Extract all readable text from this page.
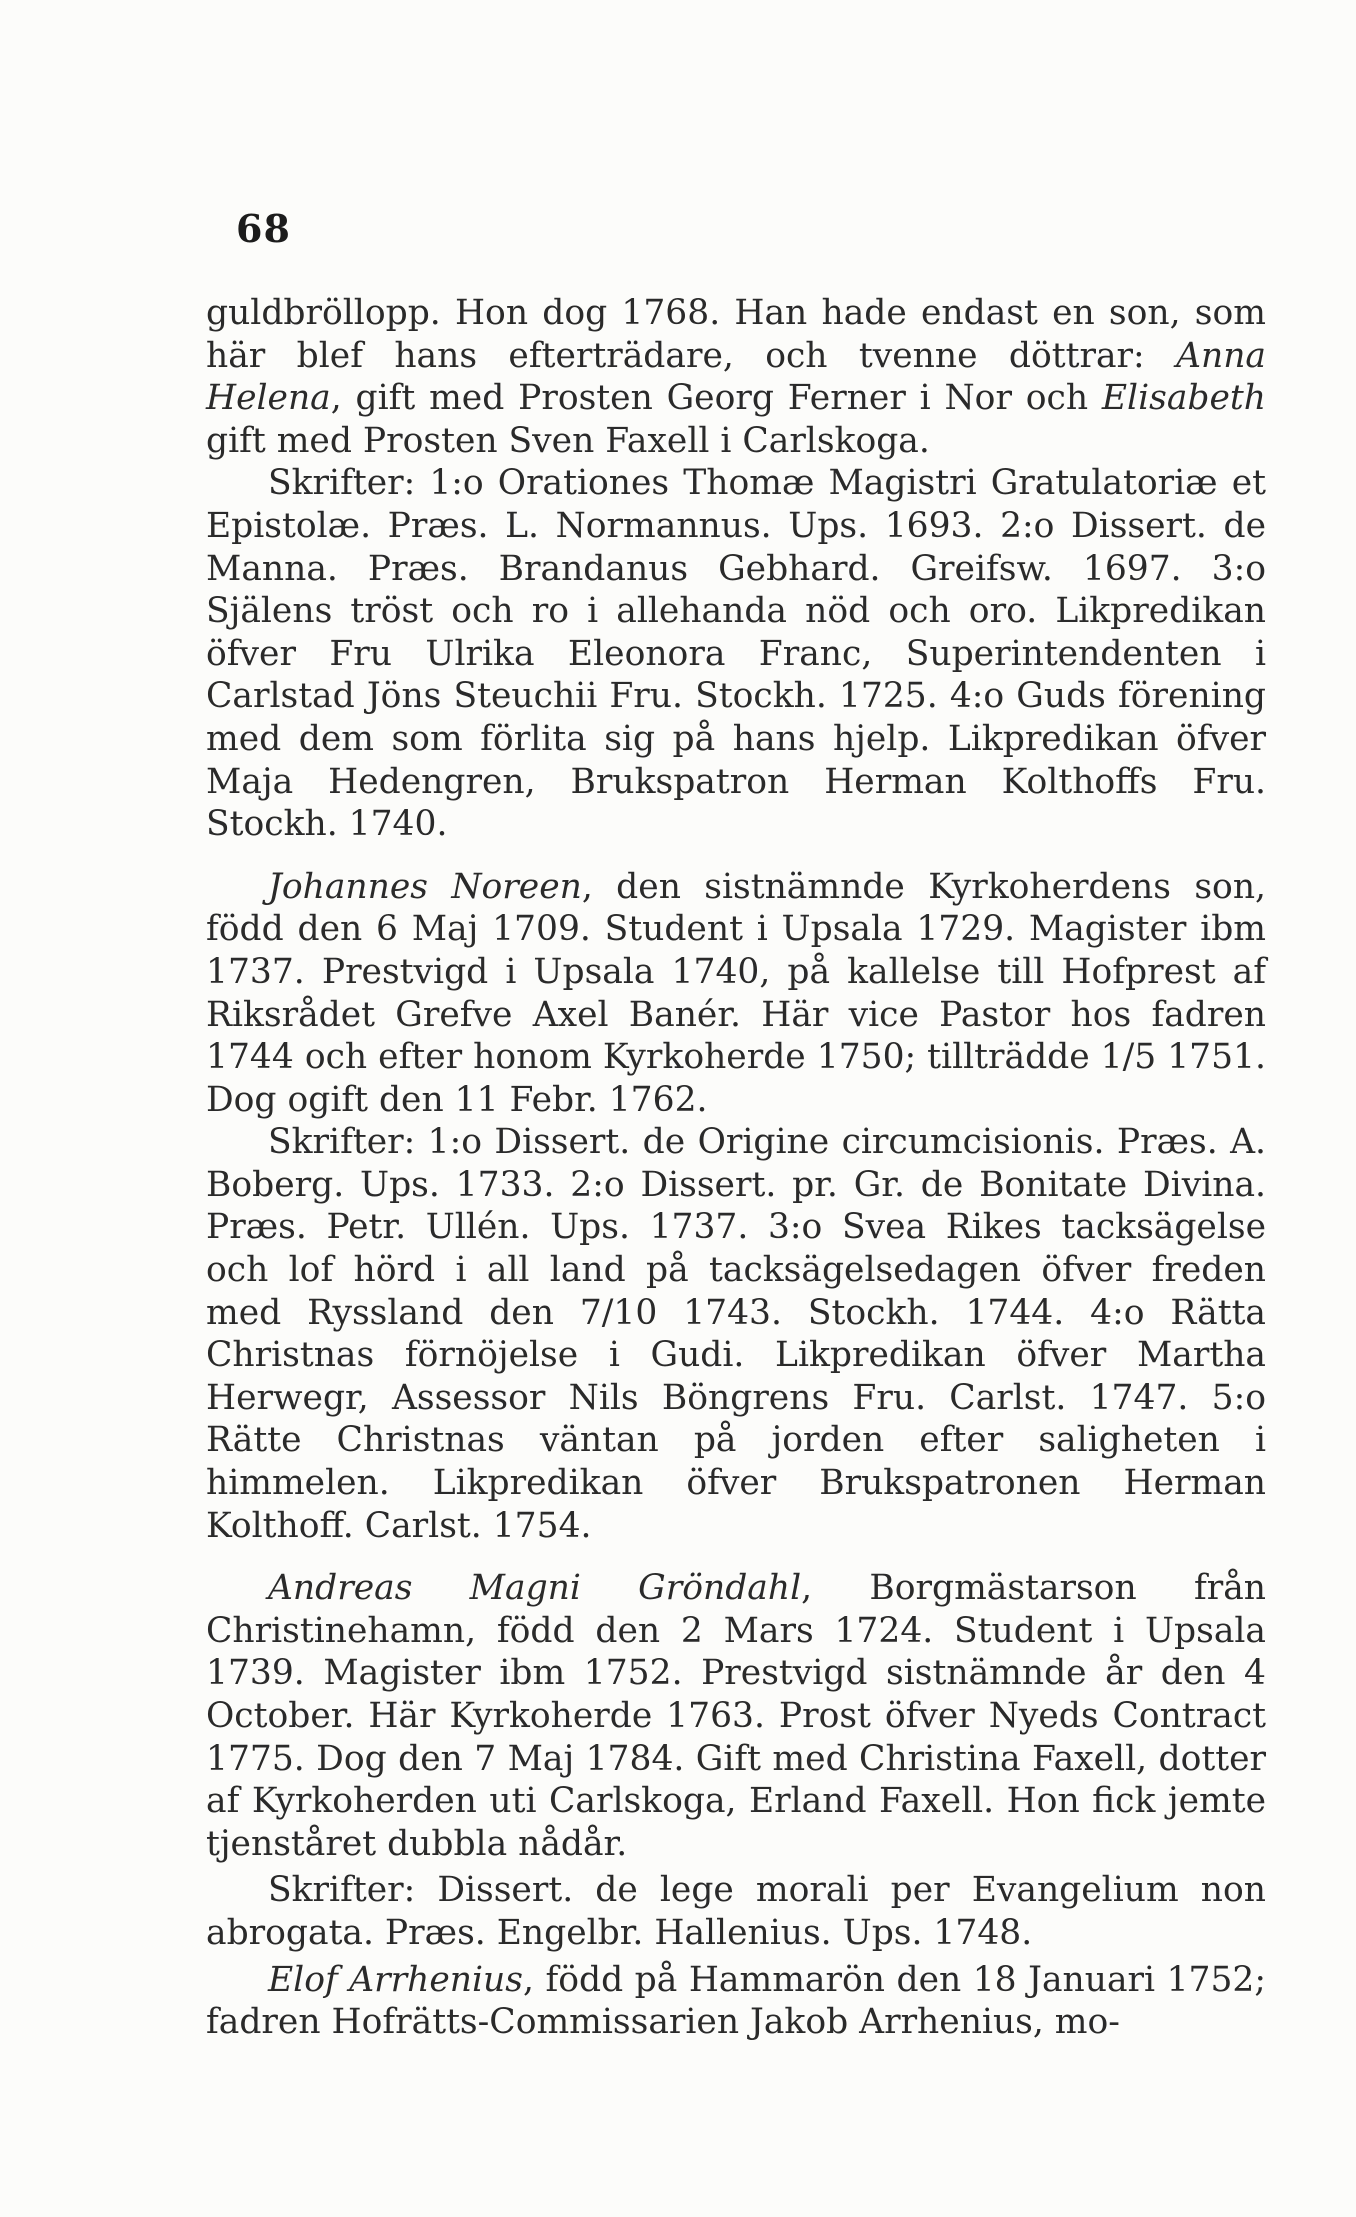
68

guldbröllopp. Hon dog 1768. Han hade endast en son, som här blef hans efterträdare, och tvenne döttrar: Anna Helena, gift med Prosten Georg Ferner i Nor och Elisabeth gift med Prosten Sven Faxell i Carlskoga.

Skrifter: 1:o Orationes Thomæ Magistri Gratulatoriæ et Epistolæ. Præs. L. Normannus. Ups. 1693. 2:o Dissert. de Manna. Præs. Brandanus Gebhard. Greifsw. 1697. 3:o Själens tröst och ro i allehanda nöd och oro. Likpredikan öfver Fru Ulrika Eleonora Franc, Superintendenten i Carlstad Jöns Steuchii Fru. Stockh. 1725. 4:o Guds förening med dem som förlita sig på hans hjelp. Likpredikan öfver Maja Hedengren, Brukspatron Herman Kolthoffs Fru. Stockh. 1740.

Johannes Noreen, den sistnämnde Kyrkoherdens son, född den 6 Maj 1709. Student i Upsala 1729. Magister ibm 1737. Prestvigd i Upsala 1740, på kallelse till Hofprest af Riksrådet Grefve Axel Banér. Här vice Pastor hos fadren 1744 och efter honom Kyrkoherde 1750; tillträdde 1/5 1751. Dog ogift den 11 Febr. 1762.

Skrifter: 1:o Dissert. de Origine circumcisionis. Præs. A. Boberg. Ups. 1733. 2:o Dissert. pr. Gr. de Bonitate Divina. Præs. Petr. Ullén. Ups. 1737. 3:o Svea Rikes tacksägelse och lof hörd i all land på tacksägelsedagen öfver freden med Ryssland den 7/10 1743. Stockh. 1744. 4:o Rätta Christnas förnöjelse i Gudi. Likpredikan öfver Martha Herwegr, Assessor Nils Böngrens Fru. Carlst. 1747. 5:o Rätte Christnas väntan på jorden efter saligheten i himmelen. Likpredikan öfver Brukspatronen Herman Kolthoff. Carlst. 1754.

Andreas Magni Gröndahl, Borgmästarson från Christinehamn, född den 2 Mars 1724. Student i Upsala 1739. Magister ibm 1752. Prestvigd sistnämnde år den 4 October. Här Kyrkoherde 1763. Prost öfver Nyeds Contract 1775. Dog den 7 Maj 1784. Gift med Christina Faxell, dotter af Kyrkoherden uti Carlskoga, Erland Faxell. Hon fick jemte tjenståret dubbla nådår.

Skrifter: Dissert. de lege morali per Evangelium non abrogata. Præs. Engelbr. Hallenius. Ups. 1748.

Elof Arrhenius, född på Hammarön den 18 Januari 1752; fadren Hofrätts-Commissarien Jakob Arrhenius, mo-
